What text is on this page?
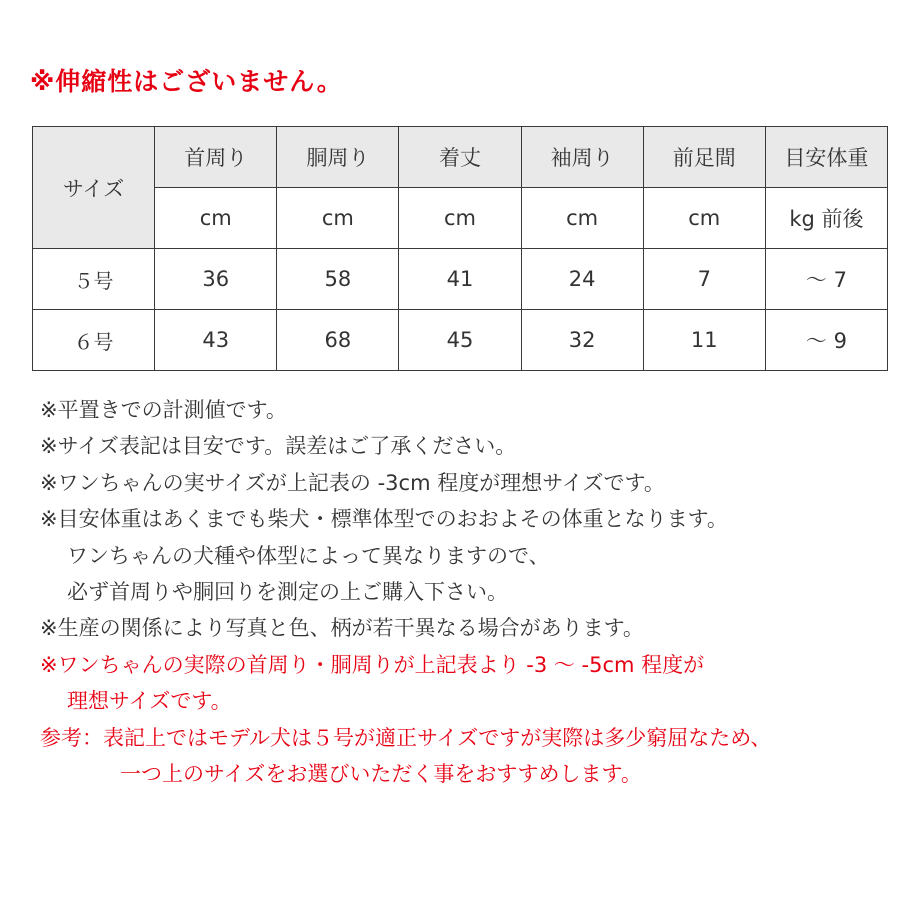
※伸縮性はございません。

サイズ	首周り	胴周り	着丈	袖周り	前足間	目安体重
	cm	cm	cm	cm	cm	kg 前後
５号	36	58	41	24	7	〜 7
６号	43	68	45	32	11	〜 9

※平置きでの計測値です。

※サイズ表記は目安です。誤差はご了承ください。

※ワンちゃんの実サイズが上記表の -3cm 程度が理想サイズです。

※目安体重はあくまでも柴犬・標準体型でのおおよその体重となります。

ワンちゃんの犬種や体型によって異なりますので、

必ず首周りや胴回りを測定の上ご購入下さい。

※生産の関係により写真と色、柄が若干異なる場合があります。

※ワンちゃんの実際の首周り・胴周りが上記表より -3 〜 -5cm 程度が

理想サイズです。

参考：表記上ではモデル犬は５号が適正サイズですが実際は多少窮屈なため、

一つ上のサイズをお選びいただく事をおすすめします。
